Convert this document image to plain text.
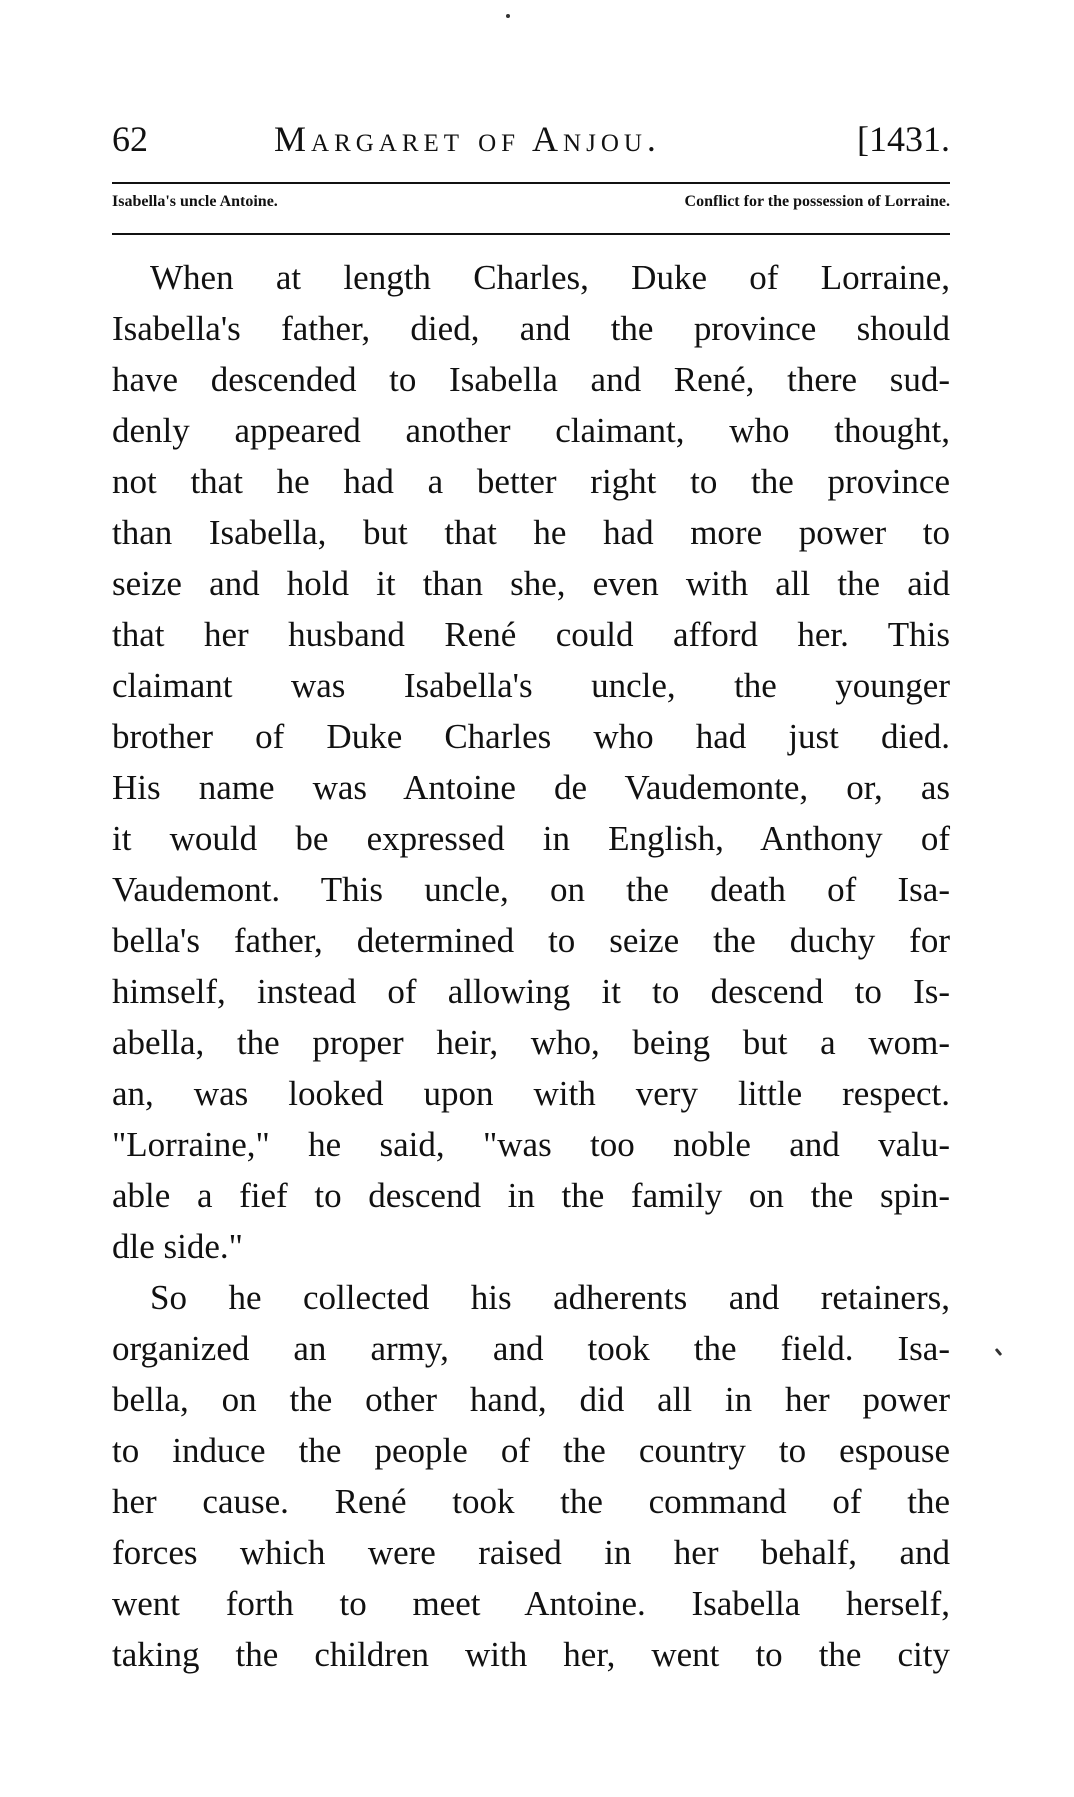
62	Margaret of Anjou.	[1431.
Isabella's uncle Antoine.	Conflict for the possession of Lorraine.
When at length Charles, Duke of Lorraine,
Isabella's father, died, and the province should
have descended to Isabella and René, there sud-
denly appeared another claimant, who thought,
not that he had a better right to the province
than Isabella, but that he had more power to
seize and hold it than she, even with all the aid
that her husband René could afford her. This
claimant was Isabella's uncle, the younger
brother of Duke Charles who had just died.
His name was Antoine de Vaudemonte, or, as
it would be expressed in English, Anthony of
Vaudemont. This uncle, on the death of Isa-
bella's father, determined to seize the duchy for
himself, instead of allowing it to descend to Is-
abella, the proper heir, who, being but a wom-
an, was looked upon with very little respect.
"Lorraine," he said, "was too noble and valu-
able a fief to descend in the family on the spin-
dle side."
So he collected his adherents and retainers,
organized an army, and took the field. Isa-
bella, on the other hand, did all in her power
to induce the people of the country to espouse
her cause. René took the command of the
forces which were raised in her behalf, and
went forth to meet Antoine. Isabella herself,
taking the children with her, went to the city
